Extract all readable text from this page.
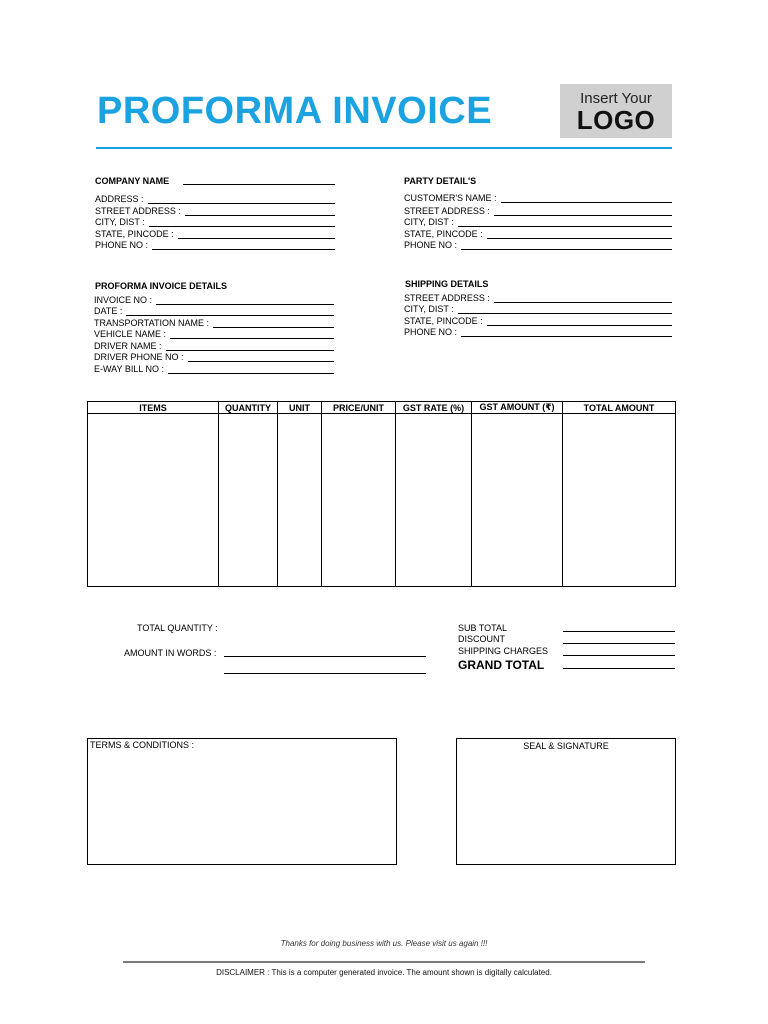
PROFORMA INVOICE	Insert Your
LOGO
COMPANY NAME
ADDRESS :
STREET ADDRESS :
CITY, DIST :
STATE, PINCODE :
PHONE NO :
PARTY DETAIL'S
CUSTOMER'S NAME :
STREET ADDRESS :
CITY, DIST :
STATE, PINCODE :
PHONE NO :
PROFORMA INVOICE DETAILS
INVOICE NO :
DATE :
TRANSPORTATION NAME :
VEHICLE NAME :
DRIVER NAME :
DRIVER PHONE NO :
E-WAY BILL NO :
SHIPPING DETAILS
STREET ADDRESS :
CITY, DIST :
STATE, PINCODE :
PHONE NO :
ITEMS	QUANTITY	UNIT	PRICE/UNIT	GST RATE (%)	GST AMOUNT (₹)	TOTAL AMOUNT

TOTAL QUANTITY :
AMOUNT IN WORDS :
SUB TOTAL
DISCOUNT
SHIPPING CHARGES
GRAND TOTAL
TERMS & CONDITIONS :	SEAL & SIGNATURE
Thanks for doing business with us. Please visit us again !!!
DISCLAIMER : This is a computer generated invoice. The amount shown is digitally calculated.
